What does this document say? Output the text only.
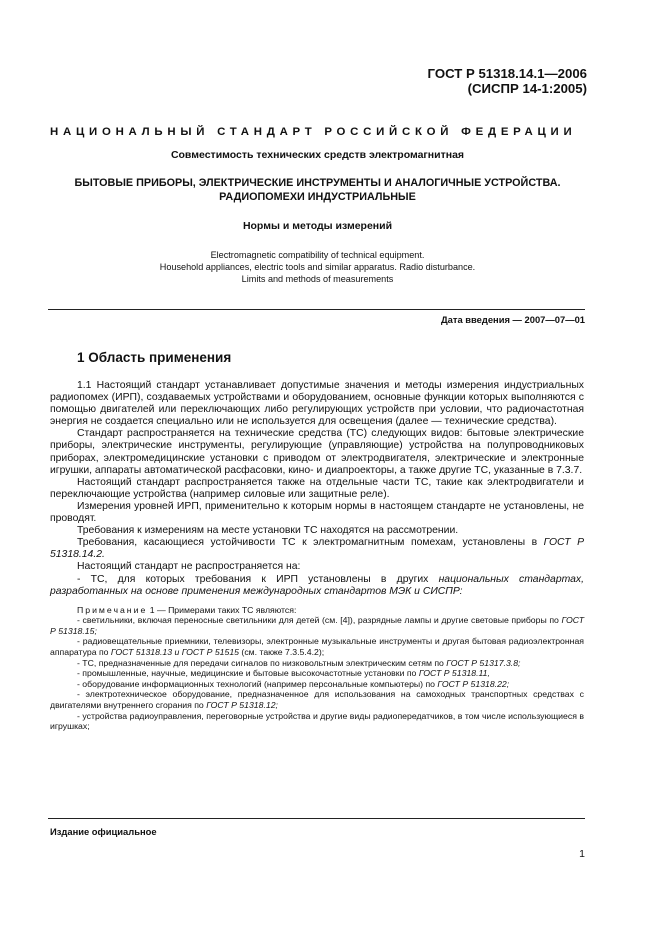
ГОСТ Р 51318.14.1—2006
(СИСПР 14-1:2005)
НАЦИОНАЛЬНЫЙ СТАНДАРТ РОССИЙСКОЙ ФЕДЕРАЦИИ
Совместимость технических средств электромагнитная
БЫТОВЫЕ ПРИБОРЫ, ЭЛЕКТРИЧЕСКИЕ ИНСТРУМЕНТЫ И АНАЛОГИЧНЫЕ УСТРОЙСТВА.
РАДИОПОМЕХИ ИНДУСТРИАЛЬНЫЕ
Нормы и методы измерений
Electromagnetic compatibility of technical equipment.
Household appliances, electric tools and similar apparatus. Radio disturbance.
Limits and methods of measurements
Дата введения — 2007—07—01
1 Область применения

1.1 Настоящий стандарт устанавливает допустимые значения и методы измерения индустриальных радиопомех (ИРП), создаваемых устройствами и оборудованием, основные функции которых выполняются с помощью двигателей или переключающих либо регулирующих устройств при условии, что радиочастотная энергия не создается специально или не используется для освещения (далее — технические средства).

Стандарт распространяется на технические средства (ТС) следующих видов: бытовые электрические приборы, электрические инструменты, регулирующие (управляющие) устройства на полупроводниковых приборах, электромедицинские установки с приводом от электродвигателя, электрические и электронные игрушки, аппараты автоматической расфасовки, кино- и диапроекторы, а также другие ТС, указанные в 7.3.7.

Настоящий стандарт распространяется также на отдельные части ТС, такие как электродвигатели и переключающие устройства (например силовые или защитные реле).

Измерения уровней ИРП, применительно к которым нормы в настоящем стандарте не установлены, не проводят.

Требования к измерениям на месте установки ТС находятся на рассмотрении.

Требования, касающиеся устойчивости ТС к электромагнитным помехам, установлены в ГОСТ Р 51318.14.2.

Настоящий стандарт не распространяется на:

- ТС, для которых требования к ИРП установлены в других национальных стандартах, разработанных на основе применения международных стандартов МЭК и СИСПР:

Примечание 1 — Примерами таких ТС являются:

- светильники, включая переносные светильники для детей (см. [4]), разрядные лампы и другие световые приборы по ГОСТ Р 51318.15;

- радиовещательные приемники, телевизоры, электронные музыкальные инструменты и другая бытовая радиоэлектронная аппаратура по ГОСТ 51318.13 и ГОСТ Р 51515 (см. также 7.3.5.4.2);

- ТС, предназначенные для передачи сигналов по низковольтным электрическим сетям по ГОСТ Р 51317.3.8;

- промышленные, научные, медицинские и бытовые высокочастотные установки по ГОСТ Р 51318.11,

- оборудование информационных технологий (например персональные компьютеры) по ГОСТ Р 51318.22;

- электротехническое оборудование, предназначенное для использования на самоходных транспортных средствах с двигателями внутреннего сгорания по ГОСТ Р 51318.12;

- устройства радиоуправления, переговорные устройства и другие виды радиопередатчиков, в том числе использующиеся в игрушках;

Издание официальное
1
